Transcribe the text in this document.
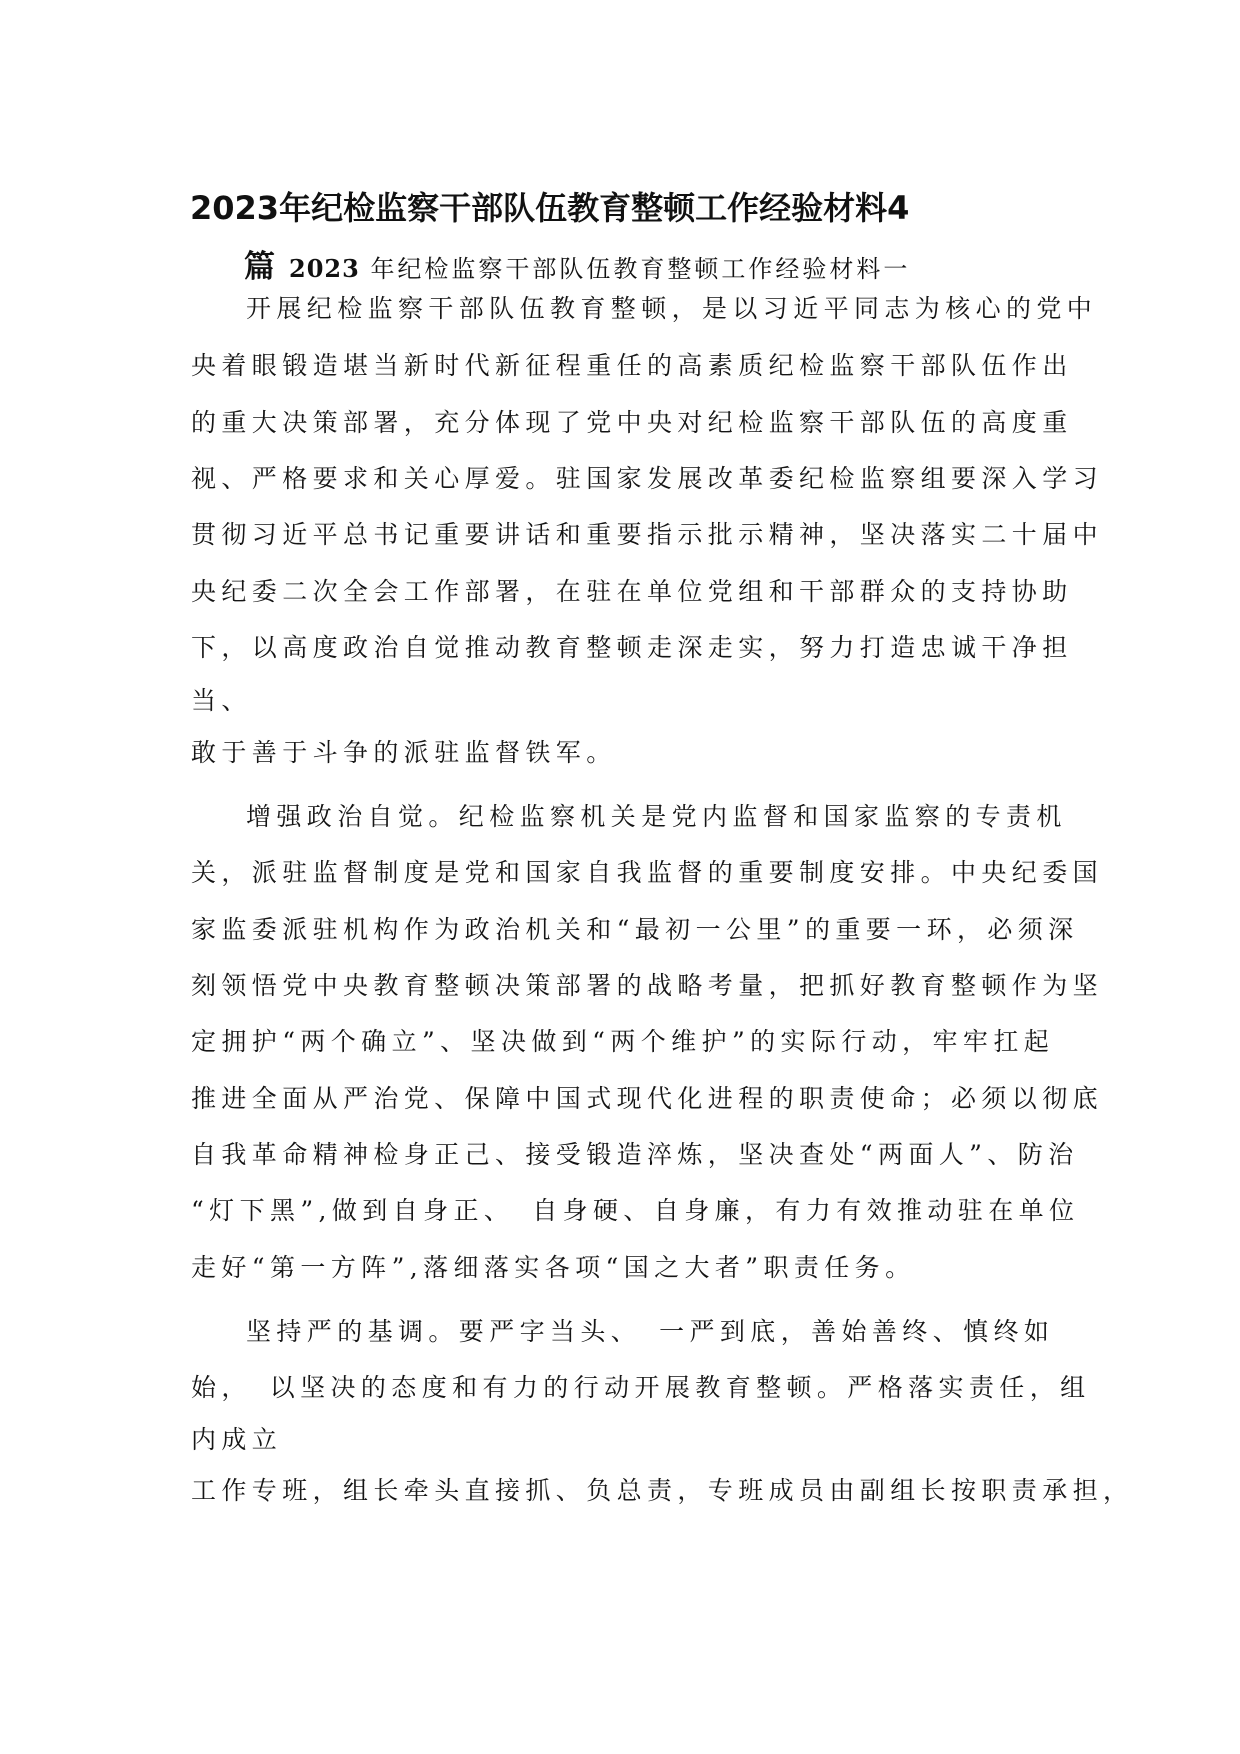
2023年纪检监察干部队伍教育整顿工作经验材料4
篇 2023 年纪检监察干部队伍教育整顿工作经验材料一
开展纪检监察干部队伍教育整顿，是以习近平同志为核心的党中
央着眼锻造堪当新时代新征程重任的高素质纪检监察干部队伍作出
的重大决策部署，充分体现了党中央对纪检监察干部队伍的高度重
视、严格要求和关心厚爱。驻国家发展改革委纪检监察组要深入学习
贯彻习近平总书记重要讲话和重要指示批示精神，坚决落实二十届中
央纪委二次全会工作部署，在驻在单位党组和干部群众的支持协助
下，以高度政治自觉推动教育整顿走深走实，努力打造忠诚干净担
当、
敢于善于斗争的派驻监督铁军。
增强政治自觉。纪检监察机关是党内监督和国家监察的专责机
关，派驻监督制度是党和国家自我监督的重要制度安排。中央纪委国
家监委派驻机构作为政治机关和“最初一公里”的重要一环，必须深
刻领悟党中央教育整顿决策部署的战略考量，把抓好教育整顿作为坚
定拥护“两个确立”、坚决做到“两个维护”的实际行动，牢牢扛起
推进全面从严治党、保障中国式现代化进程的职责使命；必须以彻底
自我革命精神检身正己、接受锻造淬炼，坚决查处“两面人”、防治
“灯下黑”,做到自身正、　自身硬、自身廉，有力有效推动驻在单位
走好“第一方阵”,落细落实各项“国之大者”职责任务。
坚持严的基调。要严字当头、　一严到底，善始善终、慎终如
始，　以坚决的态度和有力的行动开展教育整顿。严格落实责任，组
内成立
工作专班，组长牵头直接抓、负总责，专班成员由副组长按职责承担，
